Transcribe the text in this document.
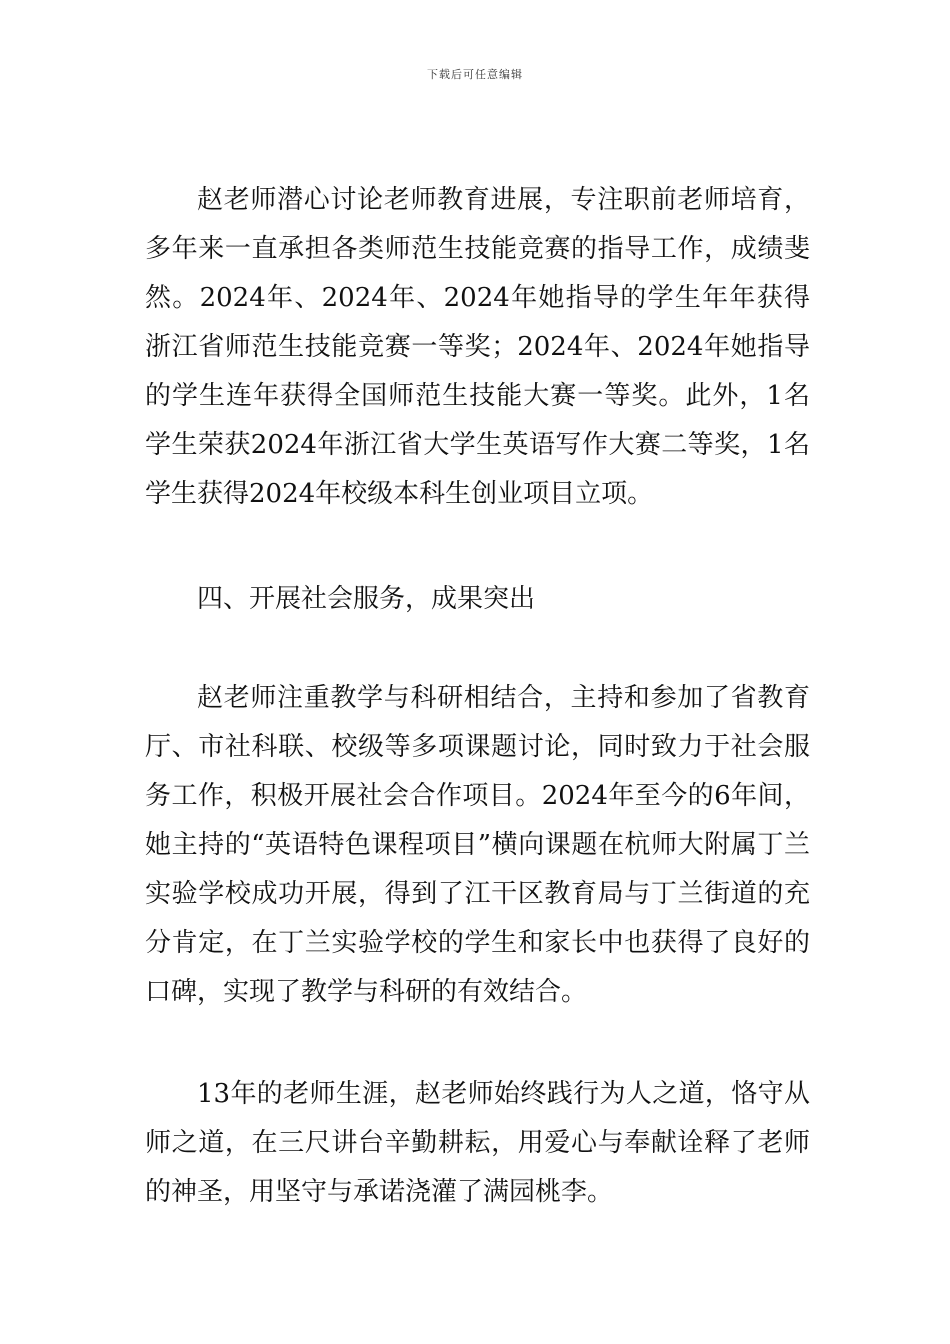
下载后可任意编辑

赵老师潜心讨论老师教育进展，专注职前老师培育，多年来一直承担各类师范生技能竞赛的指导工作，成绩斐然。2024年、2024年、2024年她指导的学生年年获得浙江省师范生技能竞赛一等奖；2024年、2024年她指导的学生连年获得全国师范生技能大赛一等奖。此外，1名学生荣获2024年浙江省大学生英语写作大赛二等奖，1名学生获得2024年校级本科生创业项目立项。

四、开展社会服务，成果突出

赵老师注重教学与科研相结合，主持和参加了省教育厅、市社科联、校级等多项课题讨论，同时致力于社会服务工作，积极开展社会合作项目。2024年至今的6年间，她主持的“英语特色课程项目”横向课题在杭师大附属丁兰实验学校成功开展，得到了江干区教育局与丁兰街道的充分肯定，在丁兰实验学校的学生和家长中也获得了良好的口碑，实现了教学与科研的有效结合。

13年的老师生涯，赵老师始终践行为人之道，恪守从师之道，在三尺讲台辛勤耕耘，用爱心与奉献诠释了老师的神圣，用坚守与承诺浇灌了满园桃李。
